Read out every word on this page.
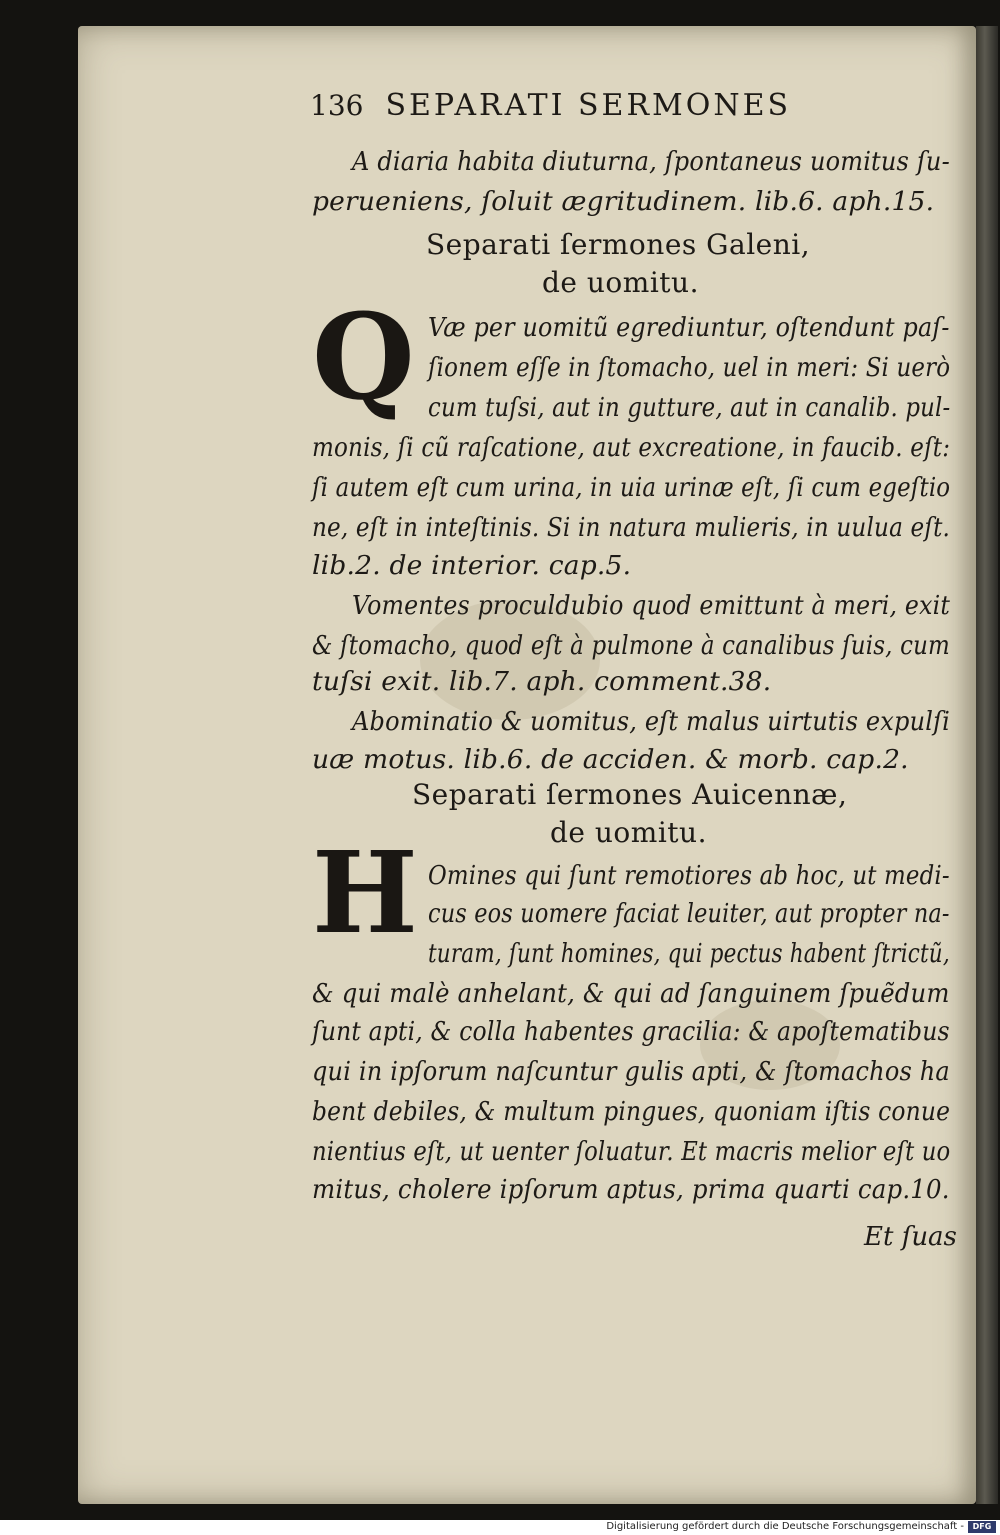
136 SEPARATI SERMONES
A diaria habita diuturna, ſpontaneus uomitus ſu-
perueniens, ſoluit ægritudinem. lib.6. aph.15.
Separati ſermones Galeni,
de uomitu.
Q Væ per uomitũ egrediuntur, oſtendunt paſ-
ſionem eſſe in ſtomacho, uel in meri: Si uerò
cum tuſsi, aut in gutture, aut in canalib. pul-
monis, ſi cũ raſcatione, aut excreatione, in faucib. eſt:
ſi autem eſt cum urina, in uia urinæ eſt, ſi cum egeſtio
ne, eſt in inteſtinis. Si in natura mulieris, in uulua eſt.
lib.2. de interior. cap.5.
Vomentes proculdubio quod emittunt à meri, exit
& ſtomacho, quod eſt à pulmone à canalibus ſuis, cum
tuſsi exit. lib.7. aph. comment.38.
Abominatio & uomitus, eſt malus uirtutis expulſi
uæ motus. lib.6. de acciden. & morb. cap.2.
Separati ſermones Auicennæ,
de uomitu.
H Omines qui ſunt remotiores ab hoc, ut medi-
cus eos uomere faciat leuiter, aut propter na-
turam, ſunt homines, qui pectus habent ſtrictũ,
& qui malè anhelant, & qui ad ſanguinem ſpuẽdum
ſunt apti, & colla habentes gracilia: & apoſtematibus
qui in ipſorum naſcuntur gulis apti, & ſtomachos ha
bent debiles, & multum pingues, quoniam iſtis conue
nientius eſt, ut uenter ſoluatur. Et macris melior eſt uo
mitus, cholere ipſorum aptus, prima quarti cap.10.
Et ſuas
Digitalisierung gefördert durch die Deutsche Forschungsgemeinschaft -	DFG
